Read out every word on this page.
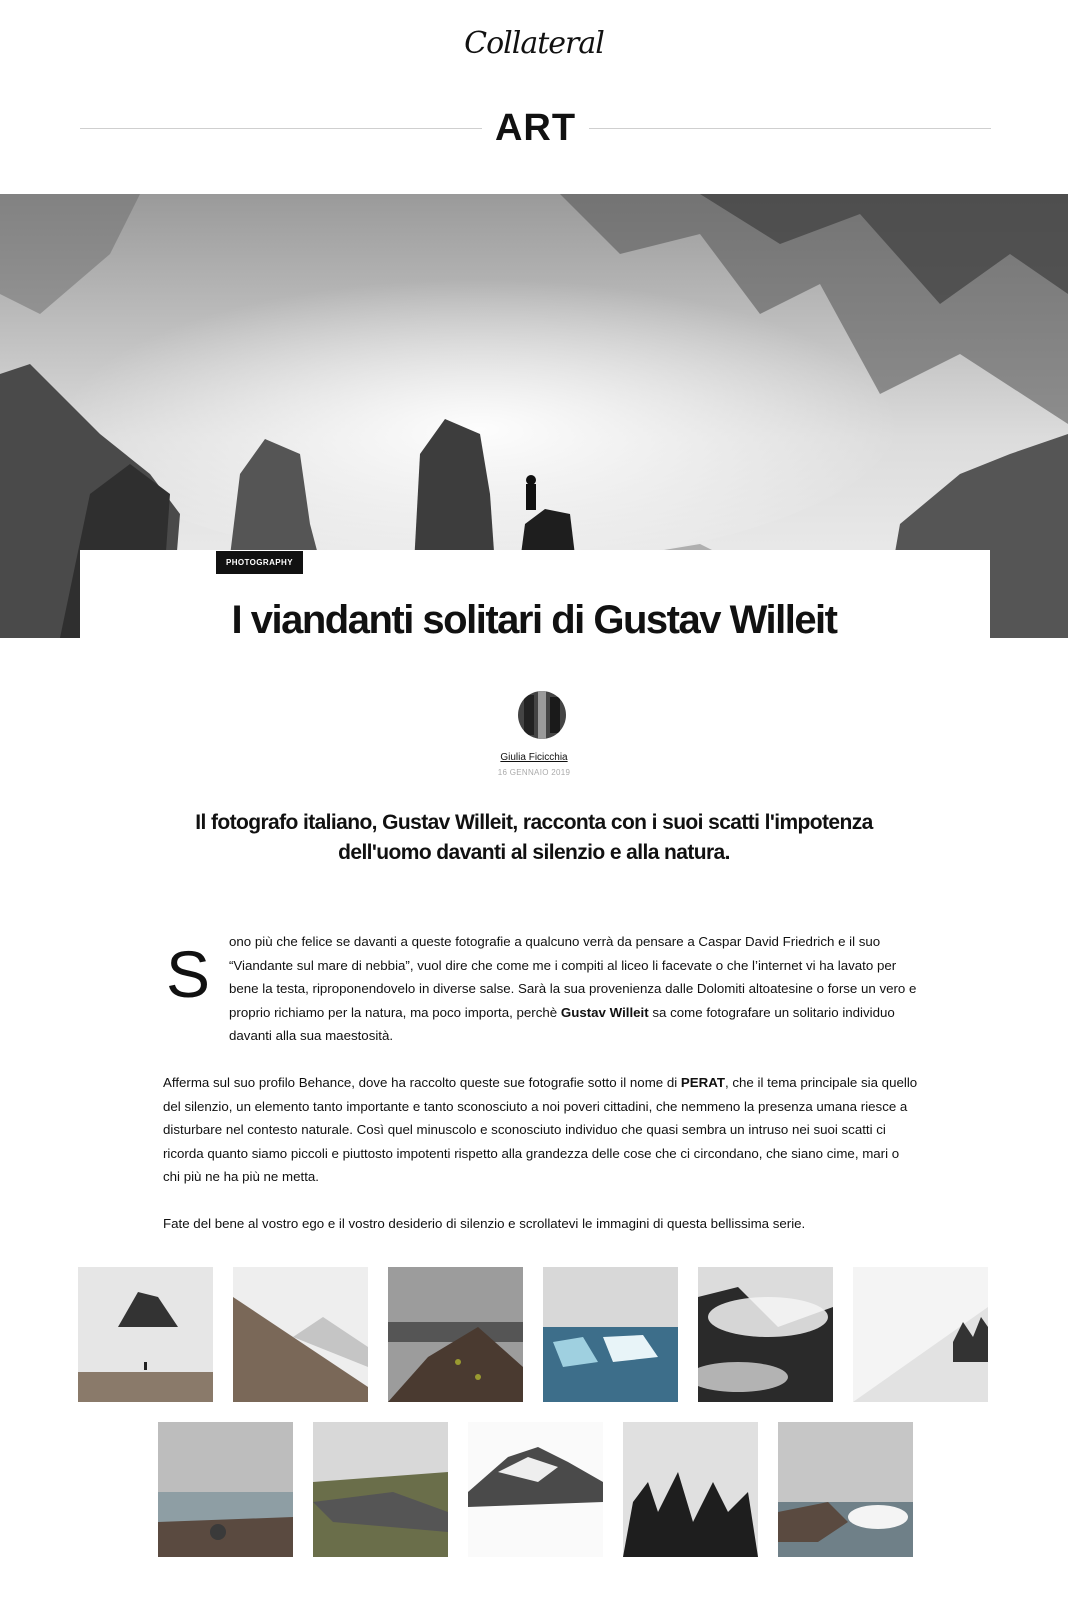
Collateral
ART
PHOTOGRAPHY
I viandanti solitari di Gustav Willeit
Giulia Ficicchia
16 GENNAIO 2019

Il fotografo italiano, Gustav Willeit, racconta con i suoi scatti l'impotenza dell'uomo davanti al silenzio e alla natura.

S ono più che felice se davanti a queste fotografie a qualcuno verrà da pensare a Caspar David Friedrich e il suo “Viandante sul mare di nebbia”, vuol dire che come me i compiti al liceo li facevate o che l’internet vi ha lavato per bene la testa, riproponendovelo in diverse salse. Sarà la sua provenienza dalle Dolomiti altoatesine o forse un vero e proprio richiamo per la natura, ma poco importa, perchè Gustav Willeit sa come fotografare un solitario individuo davanti alla sua maestosità.

Afferma sul suo profilo Behance, dove ha raccolto queste sue fotografie sotto il nome di PERAT, che il tema principale sia quello del silenzio, un elemento tanto importante e tanto sconosciuto a noi poveri cittadini, che nemmeno la presenza umana riesce a disturbare nel contesto naturale. Così quel minuscolo e sconosciuto individuo che quasi sembra un intruso nei suoi scatti ci ricorda quanto siamo piccoli e piuttosto impotenti rispetto alla grandezza delle cose che ci circondano, che siano cime, mari o chi più ne ha più ne metta.

Fate del bene al vostro ego e il vostro desiderio di silenzio e scrollatevi le immagini di questa bellissima serie.
